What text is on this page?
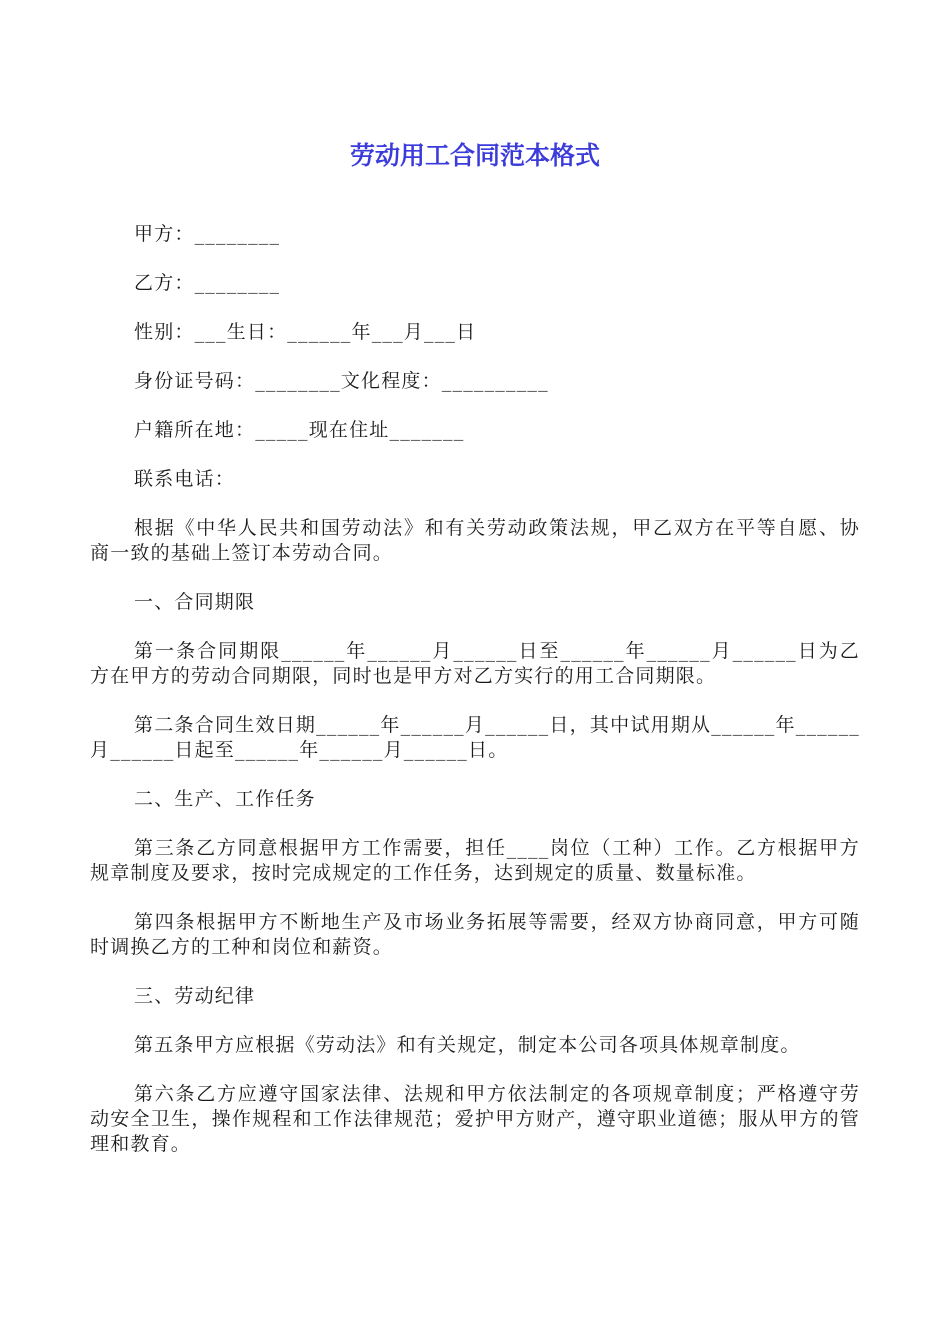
劳动用工合同范本格式

甲方：________

乙方：________

性别：___生日：______年___月___日

身份证号码：________文化程度：__________

户籍所在地：_____现在住址_______

联系电话：

根据《中华人民共和国劳动法》和有关劳动政策法规，甲乙双方在平等自愿、协商一致的基础上签订本劳动合同。

一、合同期限

第一条合同期限______年______月______日至______年______月______日为乙方在甲方的劳动合同期限，同时也是甲方对乙方实行的用工合同期限。

第二条合同生效日期______年______月______日，其中试用期从______年______月______日起至______年______月______日。

二、生产、工作任务

第三条乙方同意根据甲方工作需要，担任____岗位（工种）工作。乙方根据甲方规章制度及要求，按时完成规定的工作任务，达到规定的质量、数量标准。

第四条根据甲方不断地生产及市场业务拓展等需要，经双方协商同意，甲方可随时调换乙方的工种和岗位和薪资。

三、劳动纪律

第五条甲方应根据《劳动法》和有关规定，制定本公司各项具体规章制度。

第六条乙方应遵守国家法律、法规和甲方依法制定的各项规章制度；严格遵守劳动安全卫生，操作规程和工作法律规范；爱护甲方财产，遵守职业道德；服从甲方的管理和教育。
